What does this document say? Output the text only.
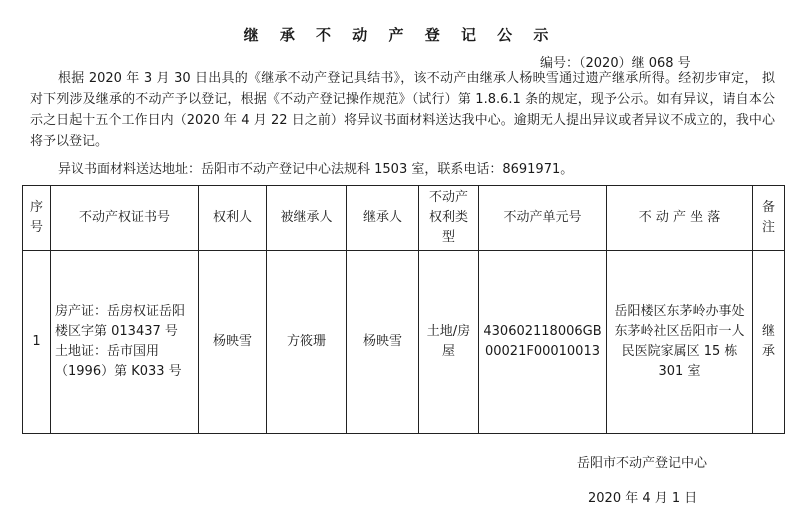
继 承 不 动 产 登 记 公 示
编号：（2020）继 068 号
根据 2020 年 3 月 30 日出具的《继承不动产登记具结书》，该不动产由继承人杨映雪通过遗产继承所得。经初步审定， 拟对下列涉及继承的不动产予以登记，根据《不动产登记操作规范》（试行）第 1.8.6.1 条的规定，现予公示。如有异议，请自本公示之日起十五个工作日内（2020 年 4 月 22 日之前）将异议书面材料送达我中心。逾期无人提出异议或者异议不成立的，我中心将予以登记。
异议书面材料送达地址：岳阳市不动产登记中心法规科 1503 室，联系电话：8691971。
序号	不动产权证书号	权利人	被继承人	继承人	不动产权利类型	不动产单元号	不 动 产 坐 落	备注
1	房产证：岳房权证岳阳楼区字第 013437 号
土地证：岳市国用（1996）第 K033 号	杨映雪	方筱珊	杨映雪	土地/房屋	430602118006GB00021F00010013	岳阳楼区东茅岭办事处东茅岭社区岳阳市一人民医院家属区 15 栋 301 室	继承
岳阳市不动产登记中心
2020 年 4 月 1 日
